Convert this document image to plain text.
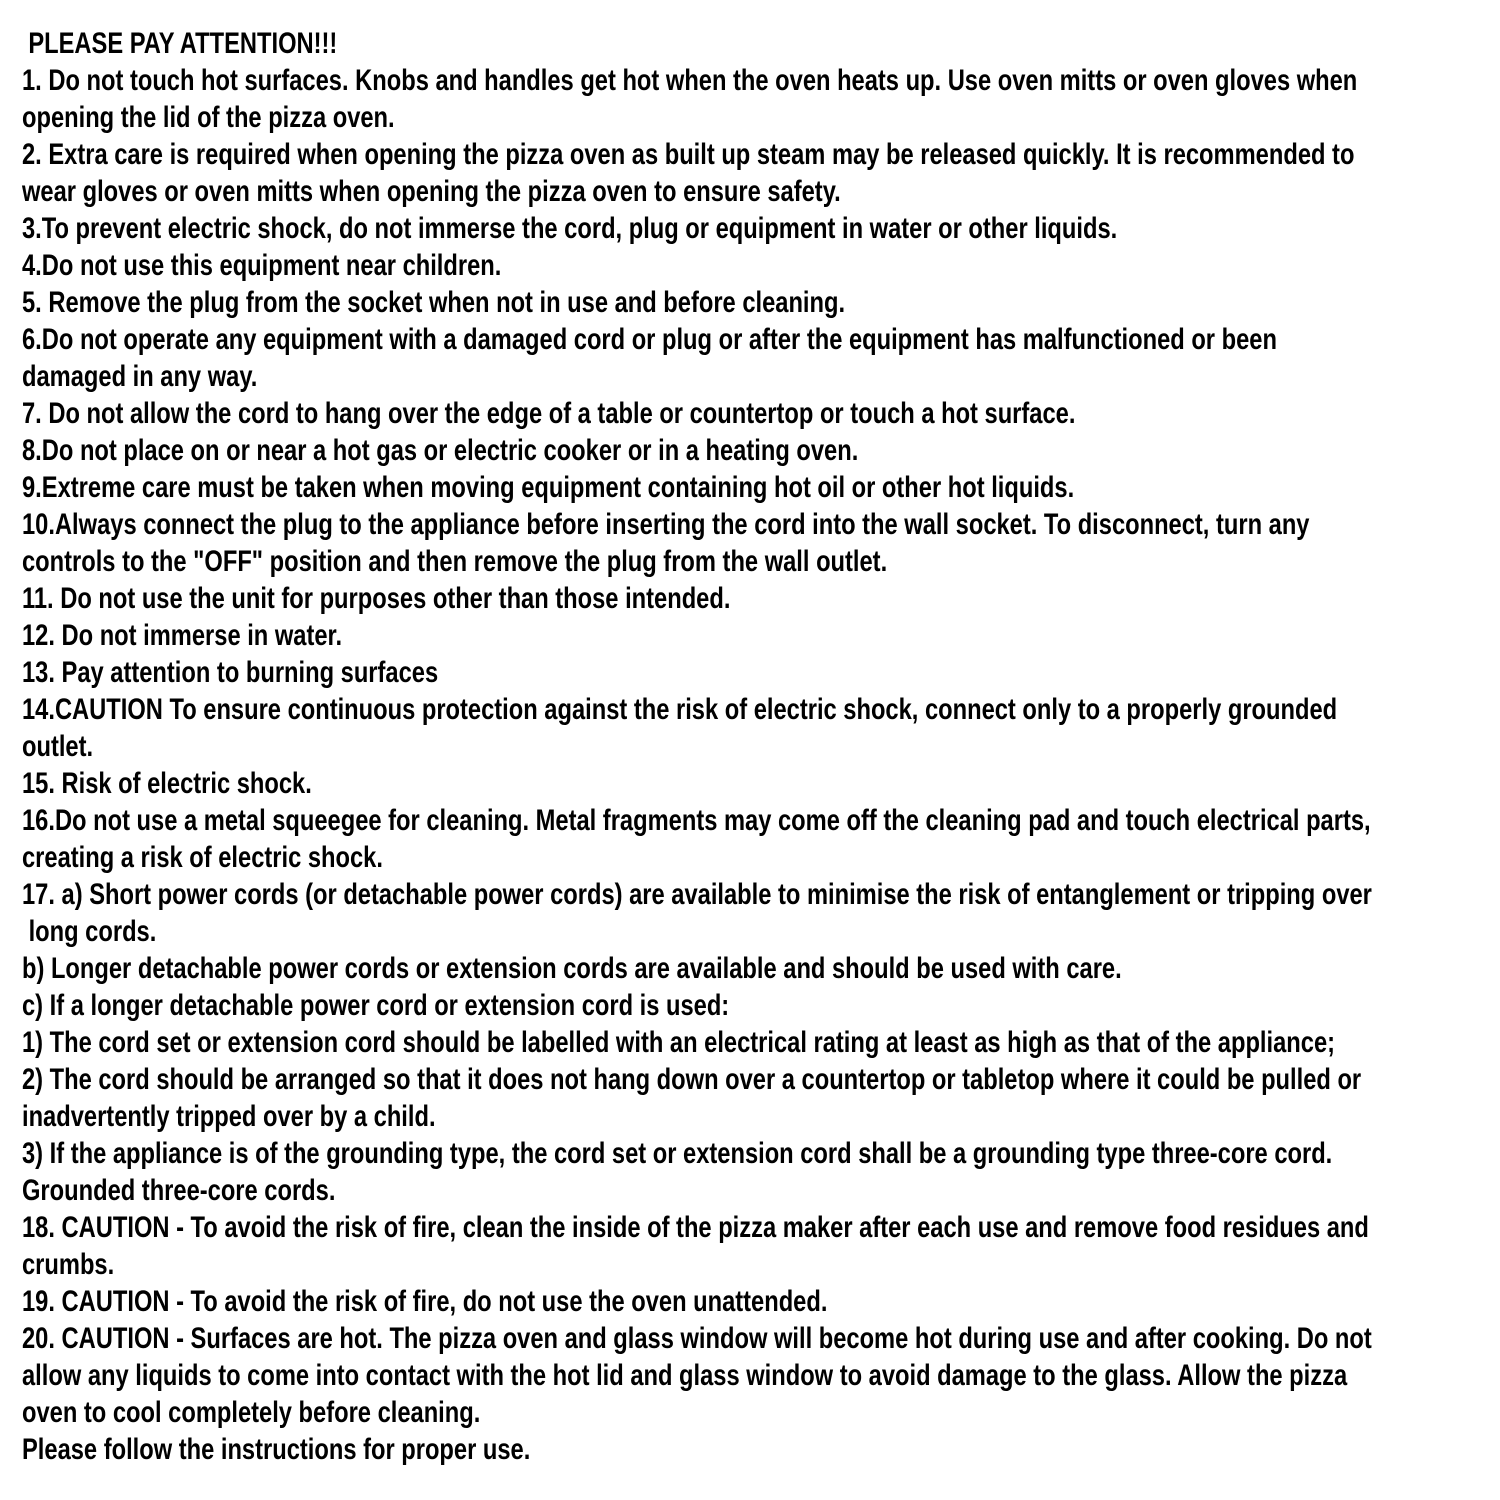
PLEASE PAY ATTENTION!!!
1. Do not touch hot surfaces. Knobs and handles get hot when the oven heats up. Use oven mitts or oven gloves when
opening the lid of the pizza oven.
2. Extra care is required when opening the pizza oven as built up steam may be released quickly. It is recommended to
wear gloves or oven mitts when opening the pizza oven to ensure safety.
3.To prevent electric shock, do not immerse the cord, plug or equipment in water or other liquids.
4.Do not use this equipment near children.
5. Remove the plug from the socket when not in use and before cleaning.
6.Do not operate any equipment with a damaged cord or plug or after the equipment has malfunctioned or been
damaged in any way.
7. Do not allow the cord to hang over the edge of a table or countertop or touch a hot surface.
8.Do not place on or near a hot gas or electric cooker or in a heating oven.
9.Extreme care must be taken when moving equipment containing hot oil or other hot liquids.
10.Always connect the plug to the appliance before inserting the cord into the wall socket. To disconnect, turn any
controls to the "OFF" position and then remove the plug from the wall outlet.
11. Do not use the unit for purposes other than those intended.
12. Do not immerse in water.
13. Pay attention to burning surfaces
14.CAUTION To ensure continuous protection against the risk of electric shock, connect only to a properly grounded
outlet.
15. Risk of electric shock.
16.Do not use a metal squeegee for cleaning. Metal fragments may come off the cleaning pad and touch electrical parts,
creating a risk of electric shock.
17. a) Short power cords (or detachable power cords) are available to minimise the risk of entanglement or tripping over
long cords.
b) Longer detachable power cords or extension cords are available and should be used with care.
c) If a longer detachable power cord or extension cord is used:
1) The cord set or extension cord should be labelled with an electrical rating at least as high as that of the appliance;
2) The cord should be arranged so that it does not hang down over a countertop or tabletop where it could be pulled or
inadvertently tripped over by a child.
3) If the appliance is of the grounding type, the cord set or extension cord shall be a grounding type three-core cord.
Grounded three-core cords.
18. CAUTION - To avoid the risk of fire, clean the inside of the pizza maker after each use and remove food residues and
crumbs.
19. CAUTION - To avoid the risk of fire, do not use the oven unattended.
20. CAUTION - Surfaces are hot. The pizza oven and glass window will become hot during use and after cooking. Do not
allow any liquids to come into contact with the hot lid and glass window to avoid damage to the glass. Allow the pizza
oven to cool completely before cleaning.
Please follow the instructions for proper use.
